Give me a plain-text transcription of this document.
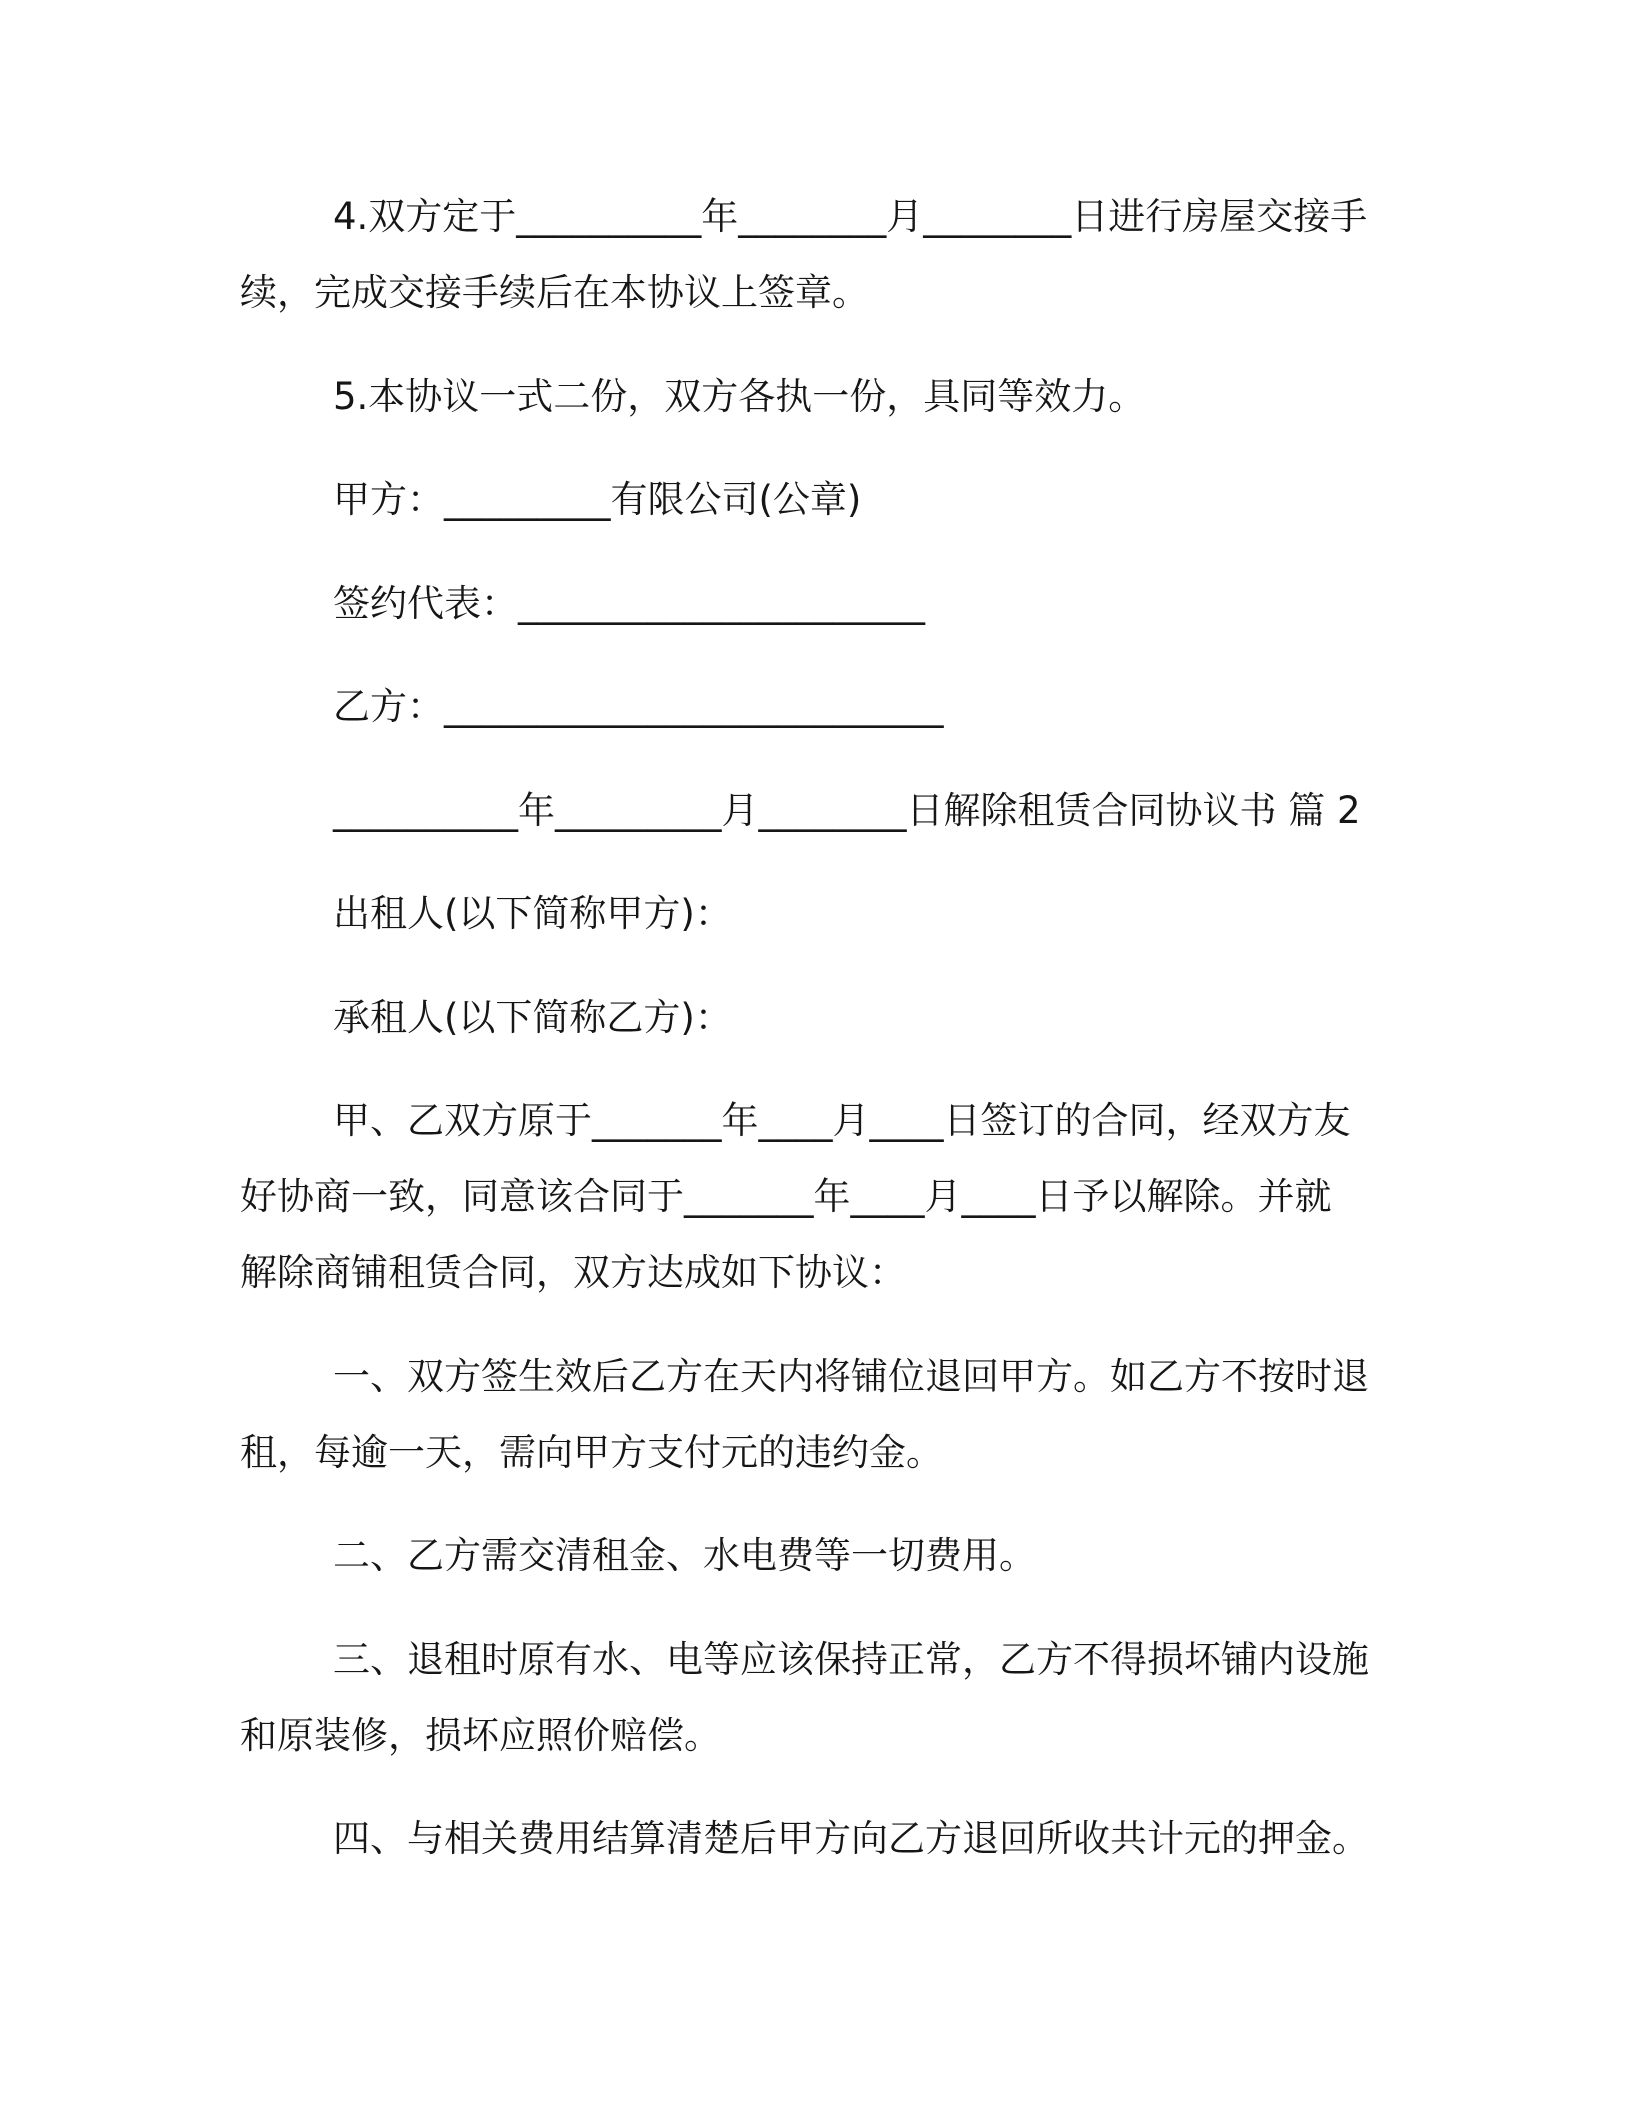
4.双方定于__________年________月________日进行房屋交接手
续，完成交接手续后在本协议上签章。
5.本协议一式二份，双方各执一份，具同等效力。
甲方：_________有限公司(公章)
签约代表：______________________
乙方：___________________________
__________年_________月________日解除租赁合同协议书 篇 2
出租人(以下简称甲方)：
承租人(以下简称乙方)：
甲、乙双方原于_______年____月____日签订的合同，经双方友
好协商一致，同意该合同于_______年____月____日予以解除。并就
解除商铺租赁合同，双方达成如下协议：
一、双方签生效后乙方在天内将铺位退回甲方。如乙方不按时退
租，每逾一天，需向甲方支付元的违约金。
二、乙方需交清租金、水电费等一切费用。
三、退租时原有水、电等应该保持正常，乙方不得损坏铺内设施
和原装修，损坏应照价赔偿。
四、与相关费用结算清楚后甲方向乙方退回所收共计元的押金。
